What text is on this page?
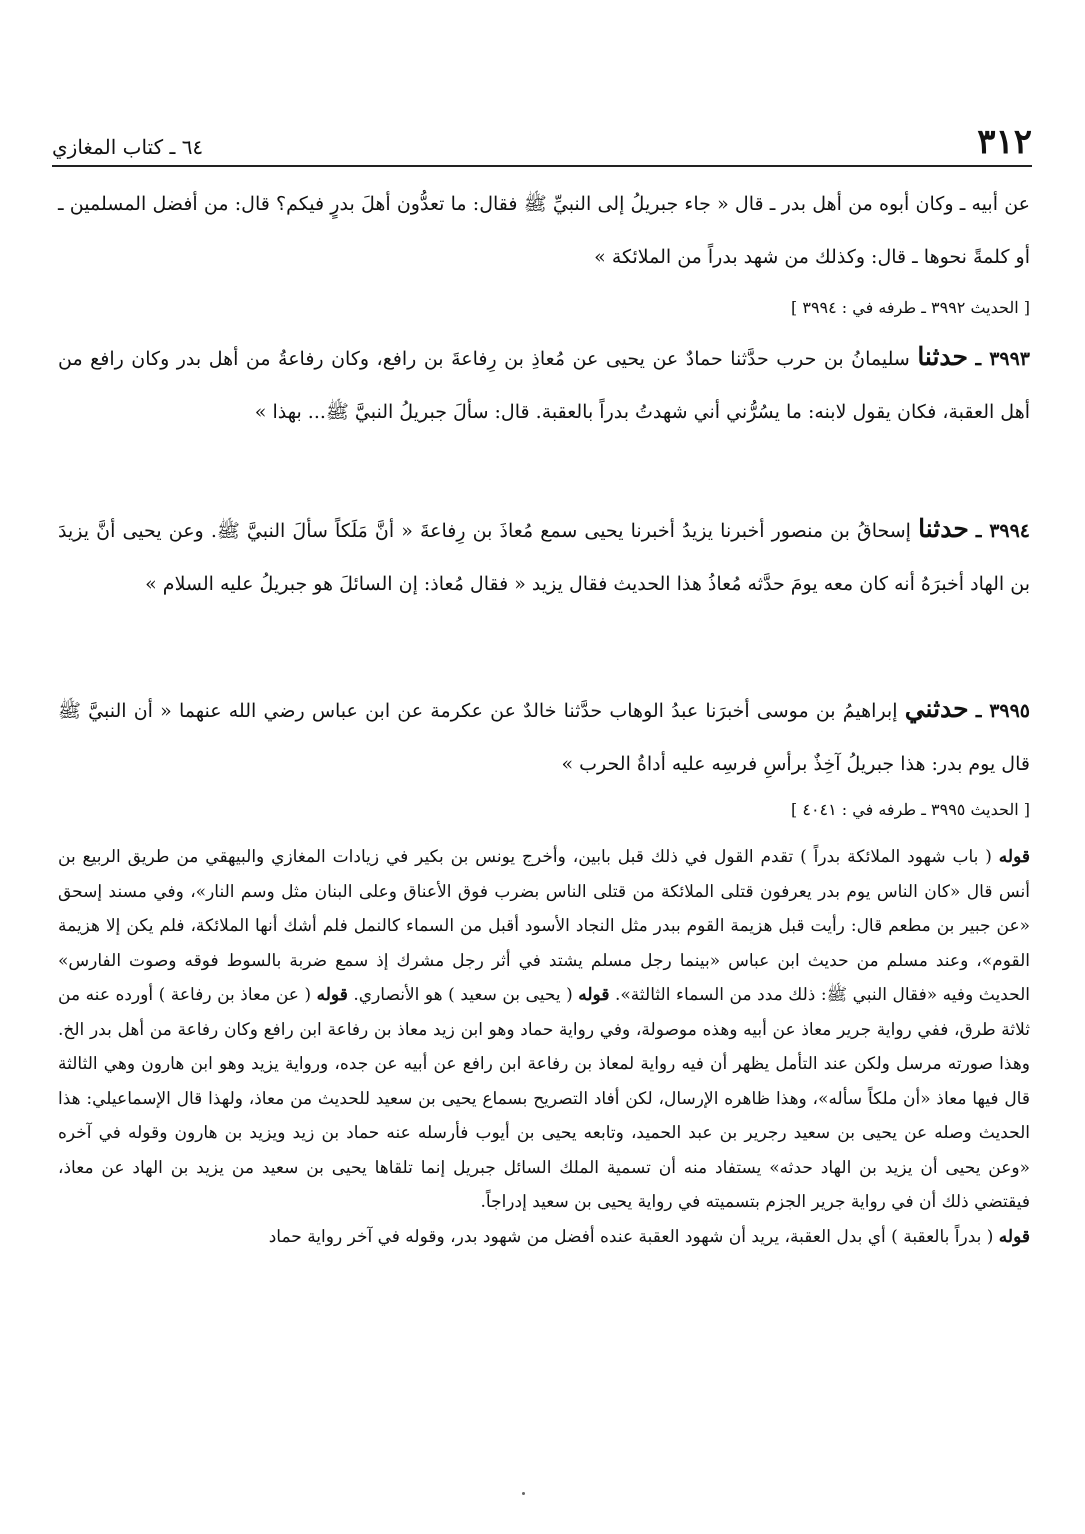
٣١٢
٦٤ ـ كتاب المغازي
عن أبيه ـ وكان أبوه من أهل بدر ـ قال « جاء جبريلُ إلى النبيِّ ﷺ فقال: ما تعدُّون أهلَ بدرٍ فيكم؟ قال: من أفضل المسلمين ـ أو كلمةً نحوها ـ قال: وكذلك من شهد بدراً من الملائكة »
[ الحديث ٣٩٩٢ ـ طرفه في : ٣٩٩٤ ]
٣٩٩٣ ـ حدثنا سليمانُ بن حرب حدَّثنا حمادٌ عن يحيى عن مُعاذِ بن رِفاعةَ بن رافع، وكان رفاعةُ من أهل بدر وكان رافع من أهل العقبة، فكان يقول لابنه: ما يسُرُّني أني شهدتُ بدراً بالعقبة. قال: سألَ جبريلُ النبيَّ ﷺ... بهذا »
٣٩٩٤ ـ حدثنا إسحاقُ بن منصور أخبرنا يزيدُ أخبرنا يحيى سمع مُعاذَ بن رِفاعةَ « أنَّ مَلَكاً سألَ النبيَّ ﷺ. وعن يحيى أنَّ يزيدَ بن الهاد أخبرَهُ أنه كان معه يومَ حدَّثه مُعاذُ هذا الحديث فقال يزيد « فقال مُعاذ: إن السائلَ هو جبريلُ عليه السلام »
٣٩٩٥ ـ حدثني إبراهيمُ بن موسى أخبرَنا عبدُ الوهاب حدَّثنا خالدٌ عن عكرمة عن ابن عباس رضي الله عنهما « أن النبيَّ ﷺ قال يوم بدر: هذا جبريلُ آخِذٌ برأسِ فرسِه عليه أداةُ الحرب »
[ الحديث ٣٩٩٥ ـ طرفه في : ٤٠٤١ ]

قوله ( باب شهود الملائكة بدراً ) تقدم القول في ذلك قبل بابين، وأخرج يونس بن بكير في زيادات المغازي والبيهقي من طريق الربيع بن أنس قال «كان الناس يوم بدر يعرفون قتلى الملائكة من قتلى الناس بضرب فوق الأعناق وعلى البنان مثل وسم النار»، وفي مسند إسحق «عن جبير بن مطعم قال: رأيت قبل هزيمة القوم ببدر مثل النجاد الأسود أقبل من السماء كالنمل فلم أشك أنها الملائكة، فلم يكن إلا هزيمة القوم»، وعند مسلم من حديث ابن عباس «بينما رجل مسلم يشتد في أثر رجل مشرك إذ سمع ضربة بالسوط فوقه وصوت الفارس» الحديث وفيه «فقال النبي ﷺ: ذلك مدد من السماء الثالثة». قوله ( يحيى بن سعيد ) هو الأنصاري. قوله ( عن معاذ بن رفاعة ) أورده عنه من ثلاثة طرق، ففي رواية جرير معاذ عن أبيه وهذه موصولة، وفي رواية حماد وهو ابن زيد معاذ بن رفاعة ابن رافع وكان رفاعة من أهل بدر الخ. وهذا صورته مرسل ولكن عند التأمل يظهر أن فيه رواية لمعاذ بن رفاعة ابن رافع عن أبيه عن جده، ورواية يزيد وهو ابن هارون وهي الثالثة قال فيها معاذ «أن ملكاً سأله»، وهذا ظاهره الإرسال، لكن أفاد التصريح بسماع يحيى بن سعيد للحديث من معاذ، ولهذا قال الإسماعيلي: هذا الحديث وصله عن يحيى بن سعيد رجرير بن عبد الحميد، وتابعه يحيى بن أيوب فأرسله عنه حماد بن زيد ويزيد بن هارون وقوله في آخره «وعن يحيى أن يزيد بن الهاد حدثه» يستفاد منه أن تسمية الملك السائل جبريل إنما تلقاها يحيى بن سعيد من يزيد بن الهاد عن معاذ، فيقتضي ذلك أن في رواية جرير الجزم بتسميته في رواية يحيى بن سعيد إدراجاً.

قوله ( بدراً بالعقبة ) أي بدل العقبة، يريد أن شهود العقبة عنده أفضل من شهود بدر، وقوله في آخر رواية حماد
